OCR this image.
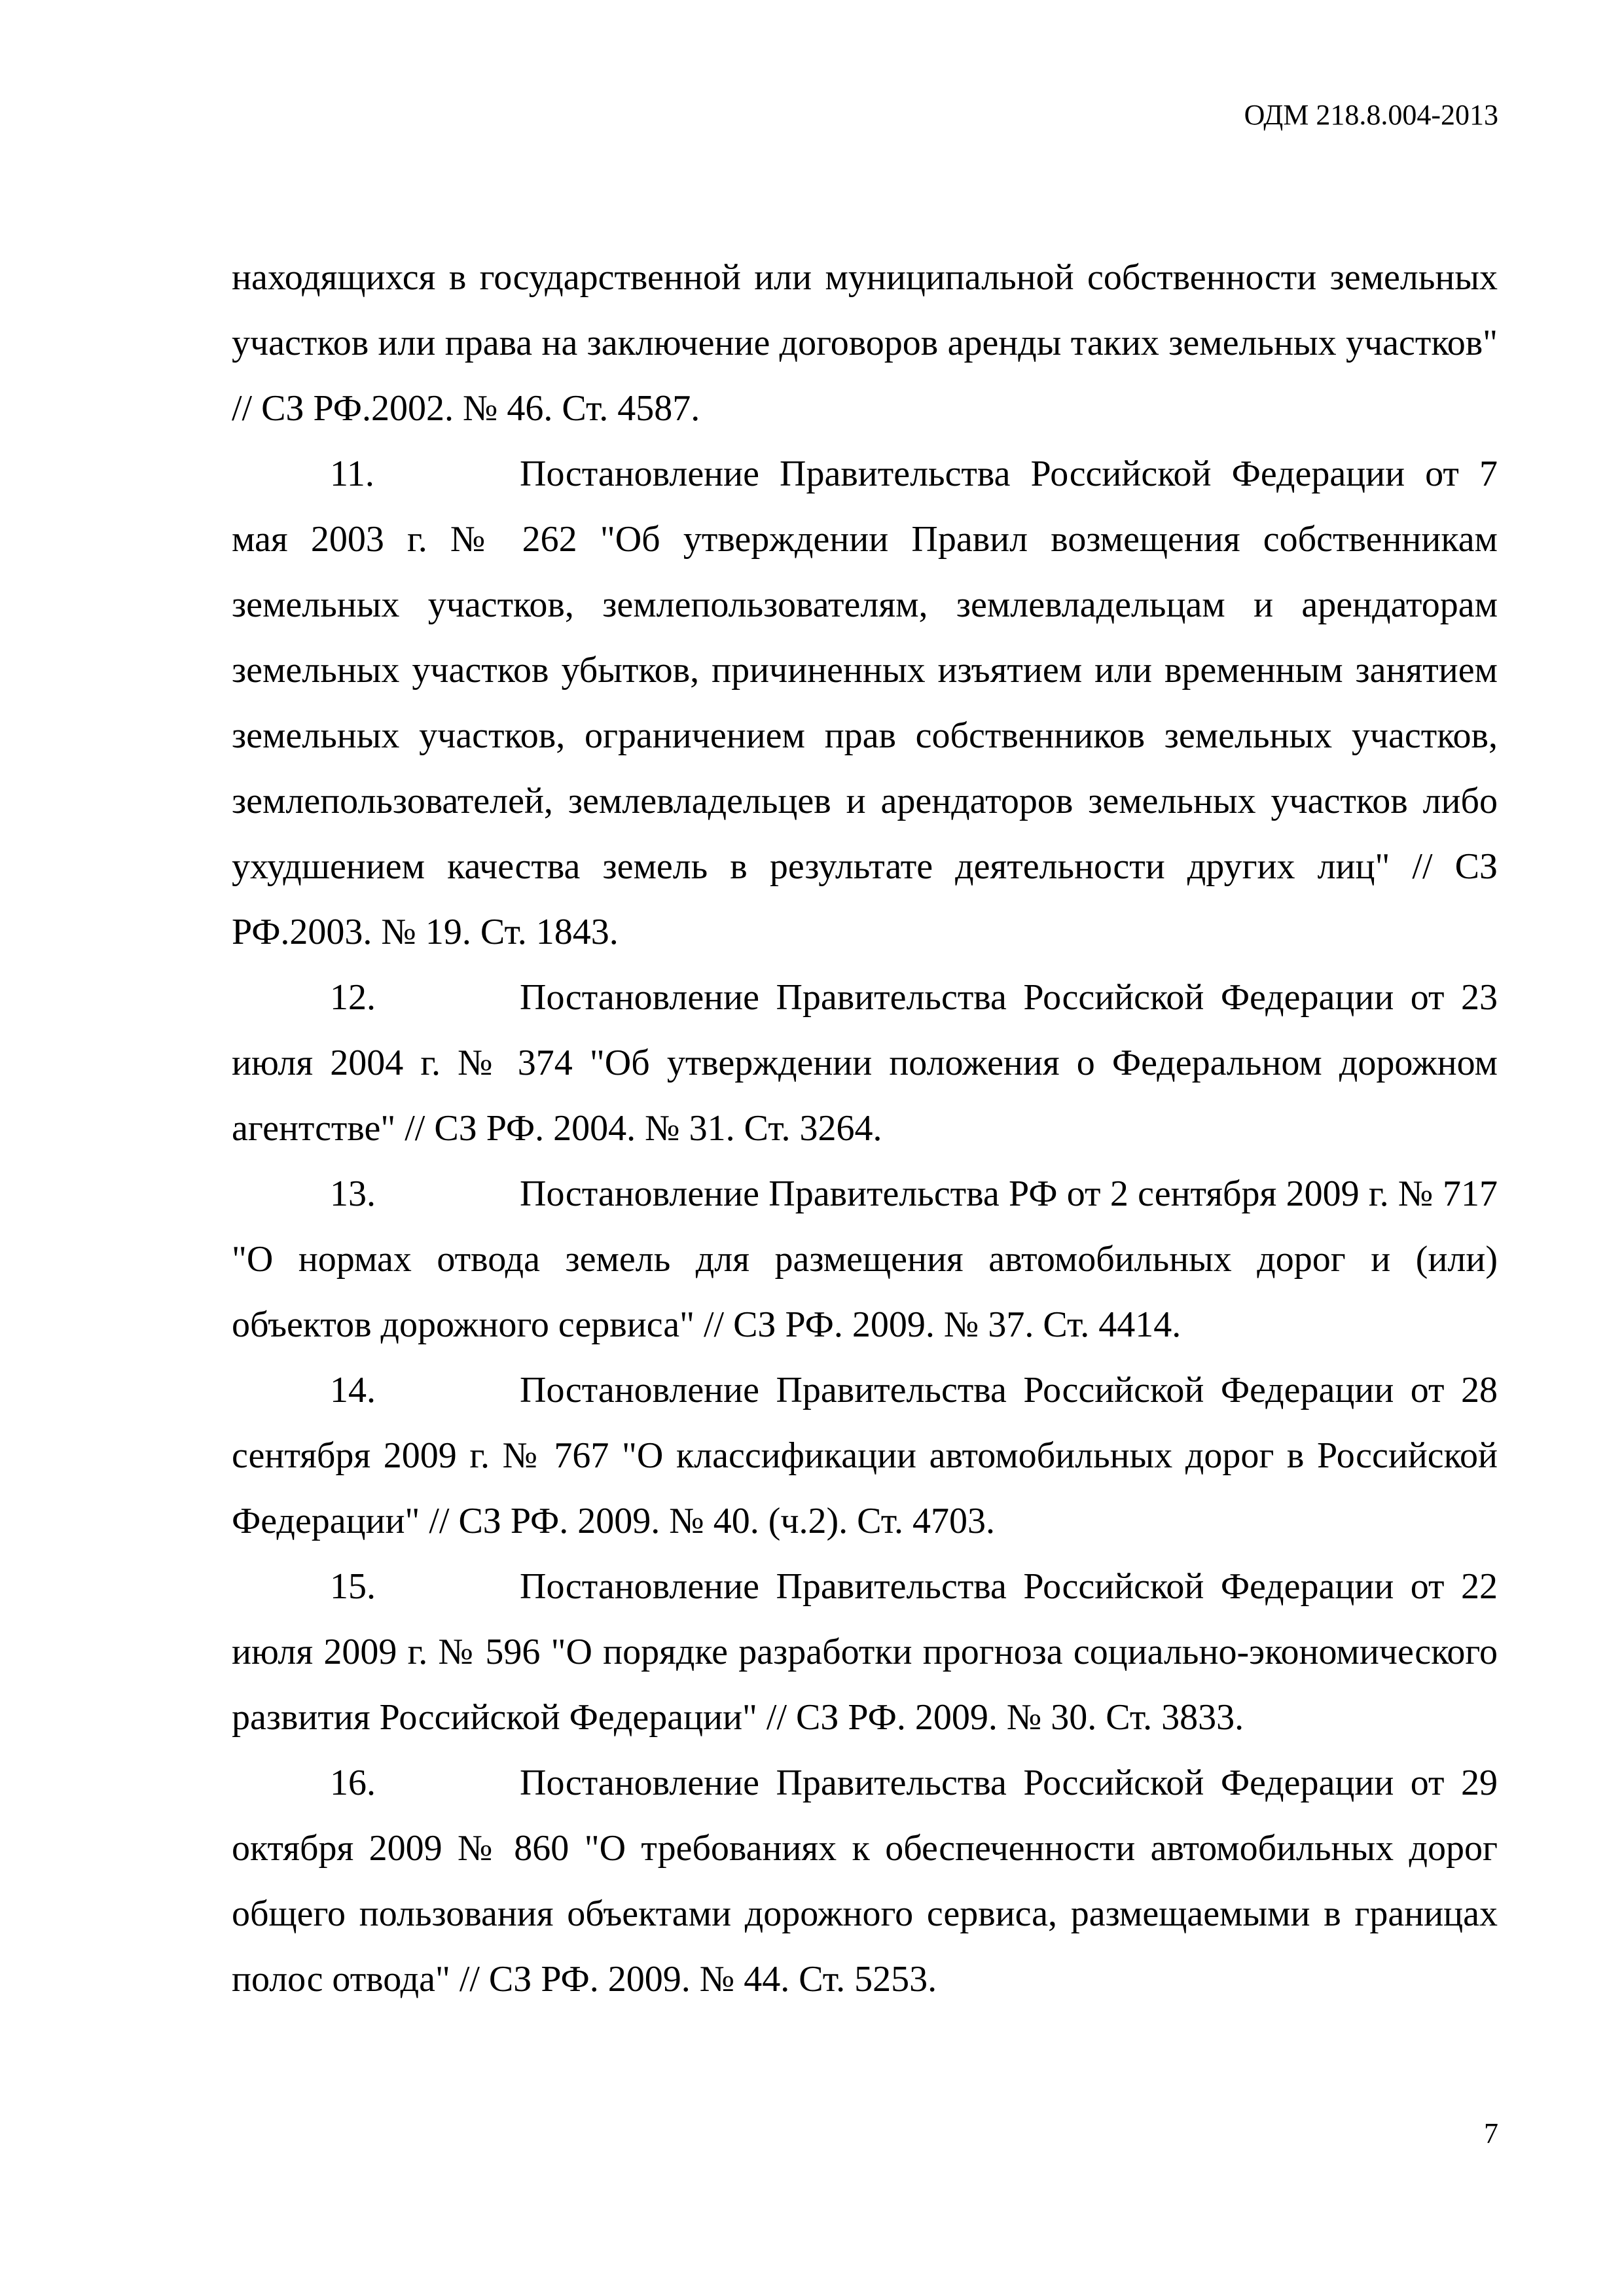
ОДМ 218.8.004-2013

находящихся в государственной или муниципальной собственности земельных участков или права на заключение договоров аренды таких земельных участков" // СЗ РФ.2002. № 46. Ст. 4587.

11.	Постановление Правительства Российской Федерации от 7 мая 2003 г. № 262 "Об утверждении Правил возмещения собственникам земельных участков, землепользователям, землевладельцам и арендаторам земельных участков убытков, причиненных изъятием или временным занятием земельных участков, ограничением прав собственников земельных участков, землепользователей, землевладельцев и арендаторов земельных участков либо ухудшением качества земель в результате деятельности других лиц" // СЗ РФ.2003. № 19. Ст. 1843.

12.	Постановление Правительства Российской Федерации от 23 июля 2004 г. № 374 "Об утверждении положения о Федеральном дорожном агентстве" // СЗ РФ. 2004. № 31. Ст. 3264.

13.	Постановление Правительства РФ от 2 сентября 2009 г. № 717 "О нормах отвода земель для размещения автомобильных дорог и (или) объектов дорожного сервиса" // СЗ РФ. 2009. № 37. Ст. 4414.

14.	Постановление Правительства Российской Федерации от 28 сентября 2009 г. № 767 "О классификации автомобильных дорог в Российской Федерации" // СЗ РФ. 2009. № 40. (ч.2). Ст. 4703.

15.	Постановление Правительства Российской Федерации от 22 июля 2009 г. № 596 "О порядке разработки прогноза социально-экономического развития Российской Федерации" // СЗ РФ. 2009. № 30. Ст. 3833.

16.	Постановление Правительства Российской Федерации от 29 октября 2009 № 860 "О требованиях к обеспеченности автомобильных дорог общего пользования объектами дорожного сервиса, размещаемыми в границах полос отвода" // СЗ РФ. 2009. № 44. Ст. 5253.

7
